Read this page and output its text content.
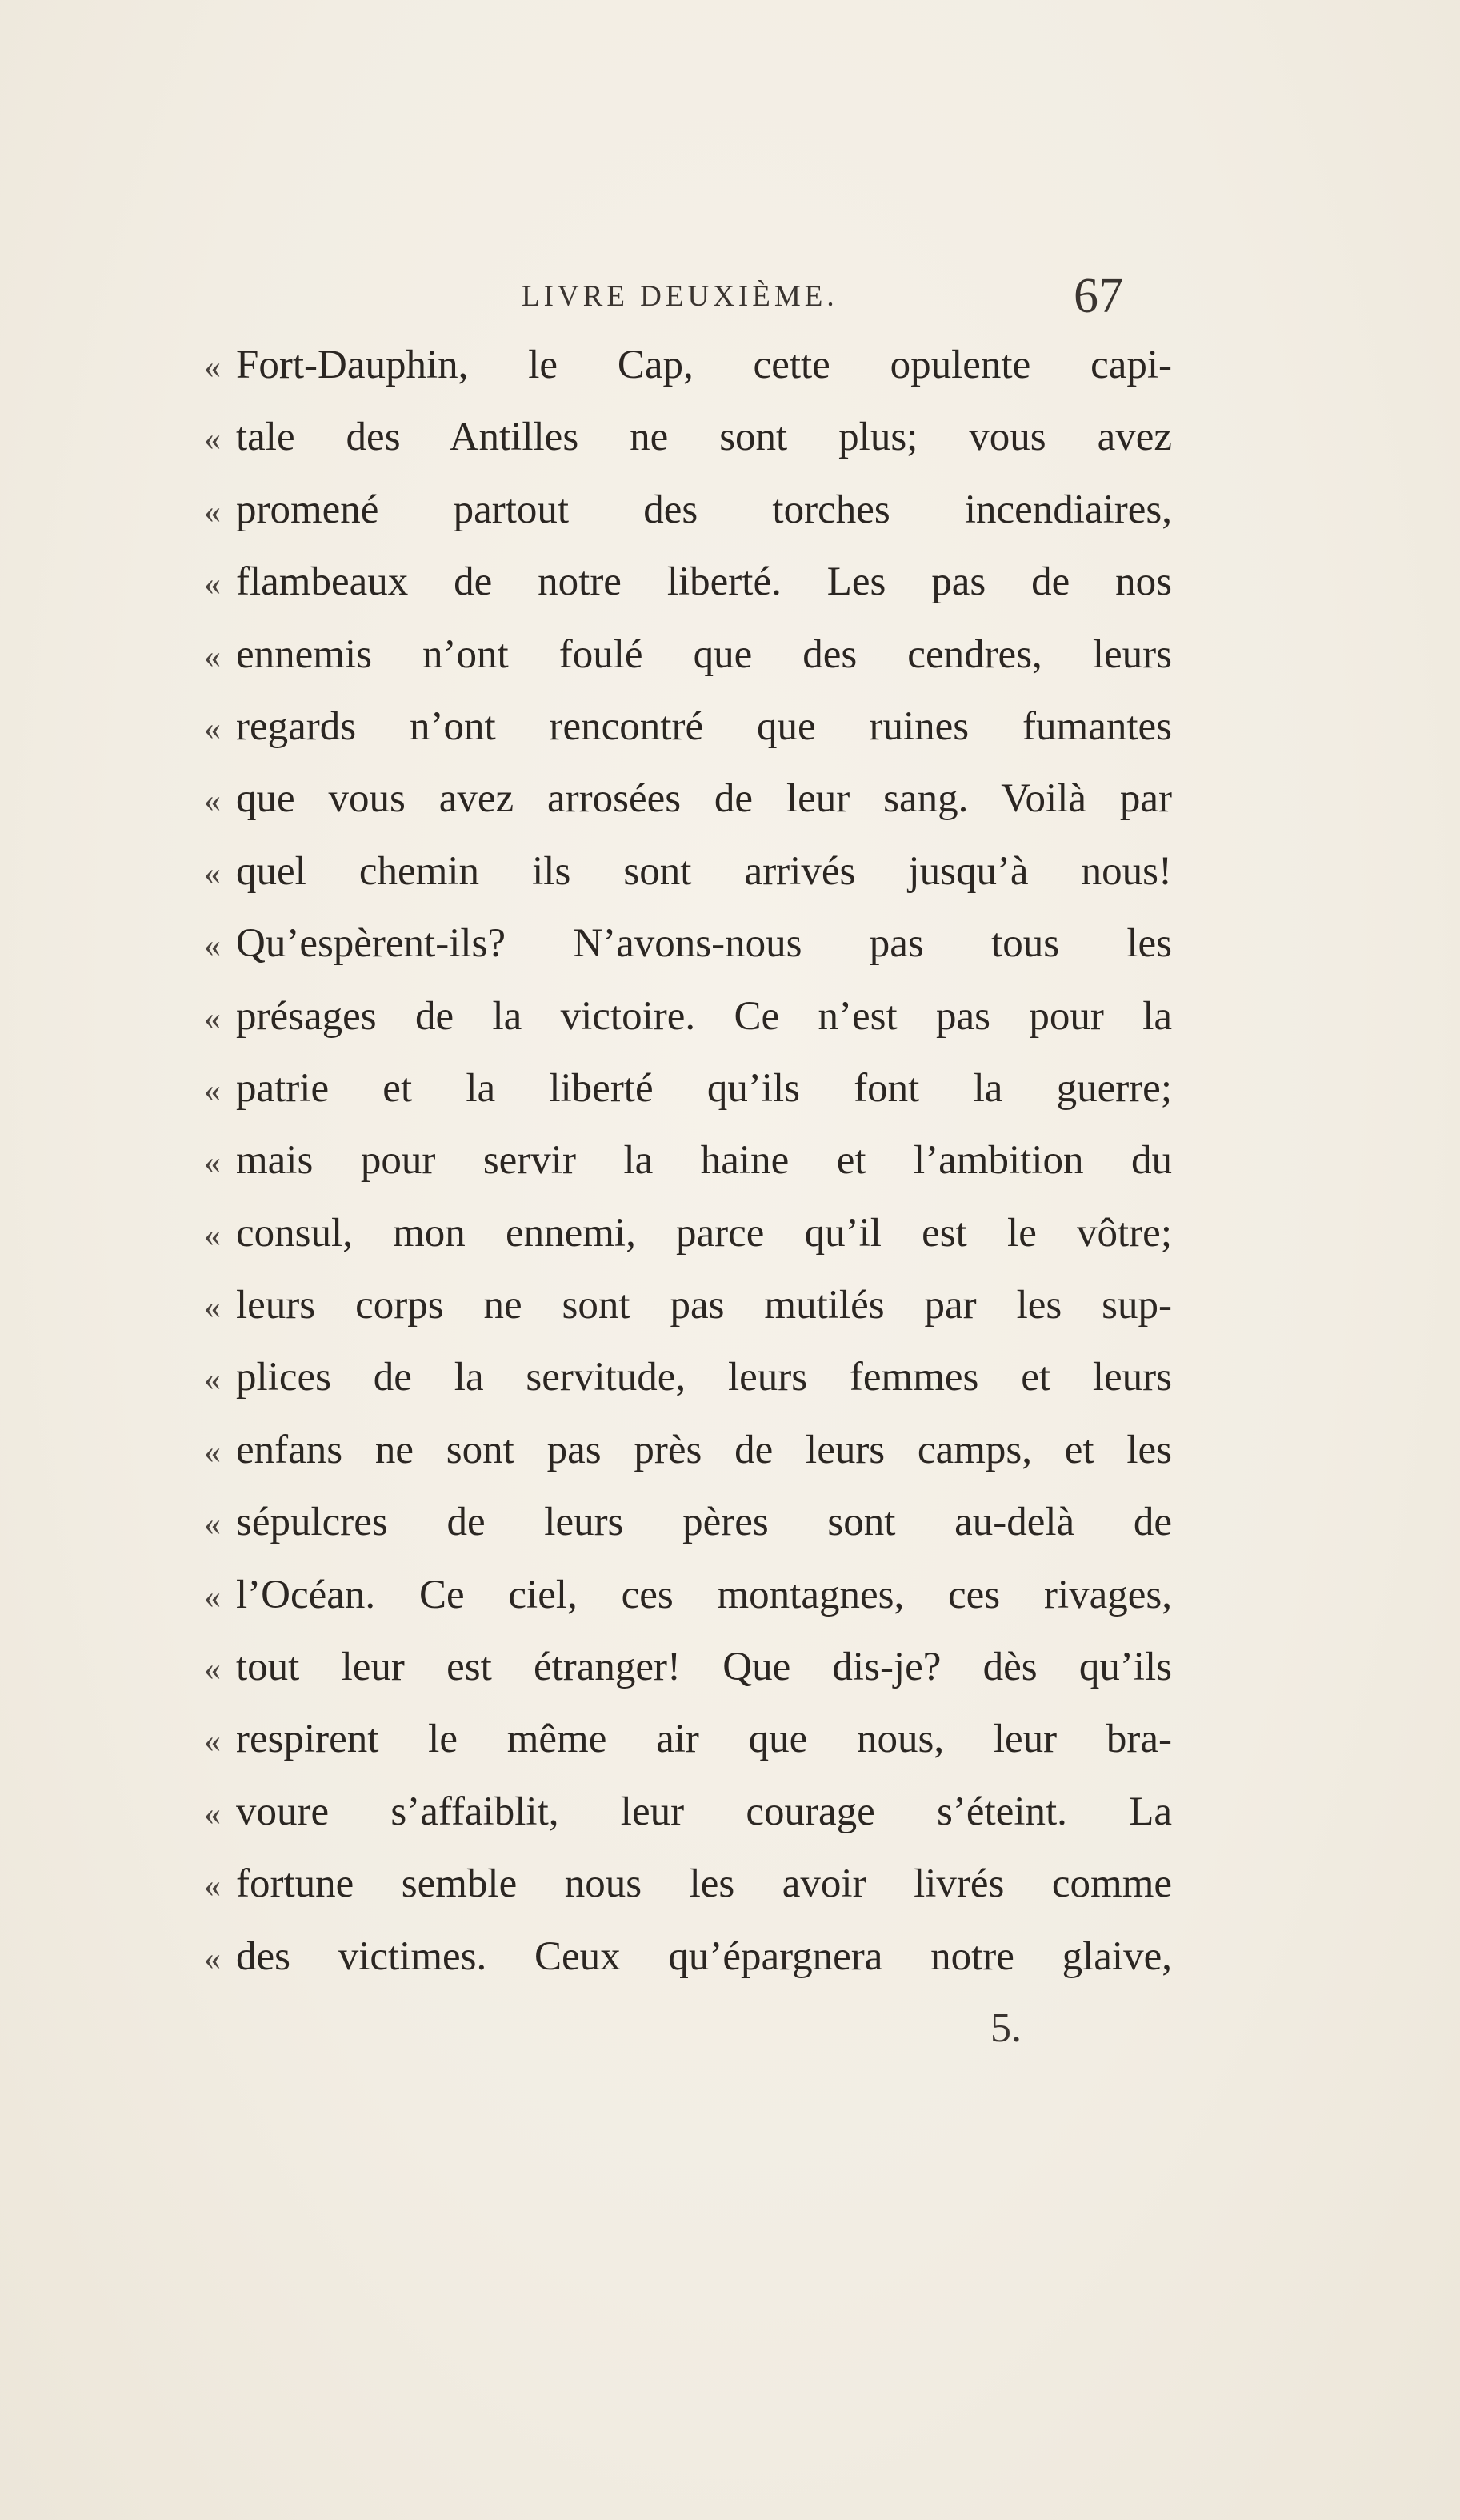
LIVRE DEUXIÈME.	67
« Fort-Dauphin, le Cap, cette opulente capi-
« tale des Antilles ne sont plus; vous avez
« promené partout des torches incendiaires,
« flambeaux de notre liberté. Les pas de nos
« ennemis n’ont foulé que des cendres, leurs
« regards n’ont rencontré que ruines fumantes
« que vous avez arrosées de leur sang. Voilà par
« quel chemin ils sont arrivés jusqu’à nous!
« Qu’espèrent-ils? N’avons-nous pas tous les
« présages de la victoire. Ce n’est pas pour la
« patrie et la liberté qu’ils font la guerre;
« mais pour servir la haine et l’ambition du
« consul, mon ennemi, parce qu’il est le vôtre;
« leurs corps ne sont pas mutilés par les sup-
« plices de la servitude, leurs femmes et leurs
« enfans ne sont pas près de leurs camps, et les
« sépulcres de leurs pères sont au-delà de
« l’Océan. Ce ciel, ces montagnes, ces rivages,
« tout leur est étranger! Que dis-je? dès qu’ils
« respirent le même air que nous, leur bra-
« voure s’affaiblit, leur courage s’éteint. La
« fortune semble nous les avoir livrés comme
« des victimes. Ceux qu’épargnera notre glaive,
5.
